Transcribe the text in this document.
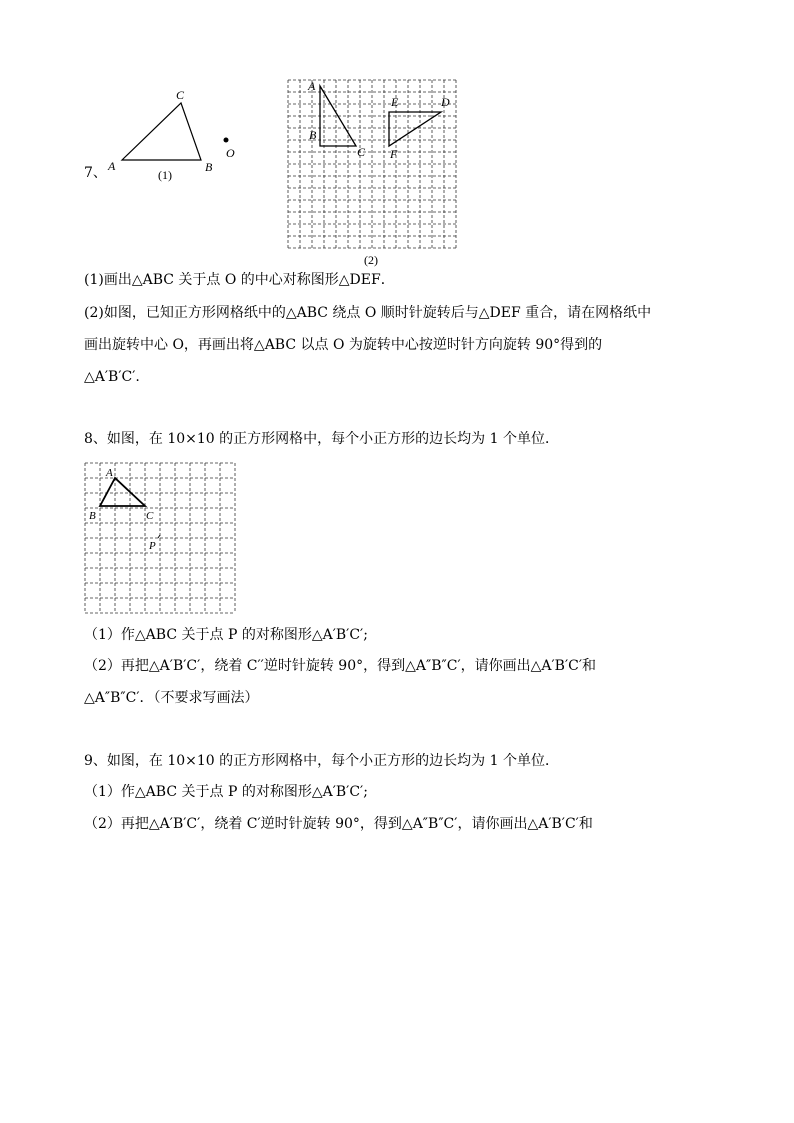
7、 A
C
B
O
(1)
A
B
C
E	D
F
(2)
(1)画出△ABC 关于点 O 的中心对称图形△DEF．
(2)如图，已知正方形网格纸中的△ABC 绕点 O 顺时针旋转后与△DEF 重合，请在网格纸中
画出旋转中心 O，再画出将△ABC 以点 O 为旋转中心按逆时针方向旋转 90°得到的
△A′B′C′.
8、如图，在 10×10 的正方形网格中，每个小正方形的边长均为 1 个单位．
A
B	C
P
（1）作△ABC 关于点 P 的对称图形△A′B′C′;
（2）再把△A′B′C′，绕着 C′′逆时针旋转 90°，得到△A″B″C′，请你画出△A′B′C′和
△A″B″C′．（不要求写画法）
9、如图，在 10×10 的正方形网格中，每个小正方形的边长均为 1 个单位．
（1）作△ABC 关于点 P 的对称图形△A′B′C′;
（2）再把△A′B′C′，绕着 C′逆时针旋转 90°，得到△A″B″C′，请你画出△A′B′C′和
